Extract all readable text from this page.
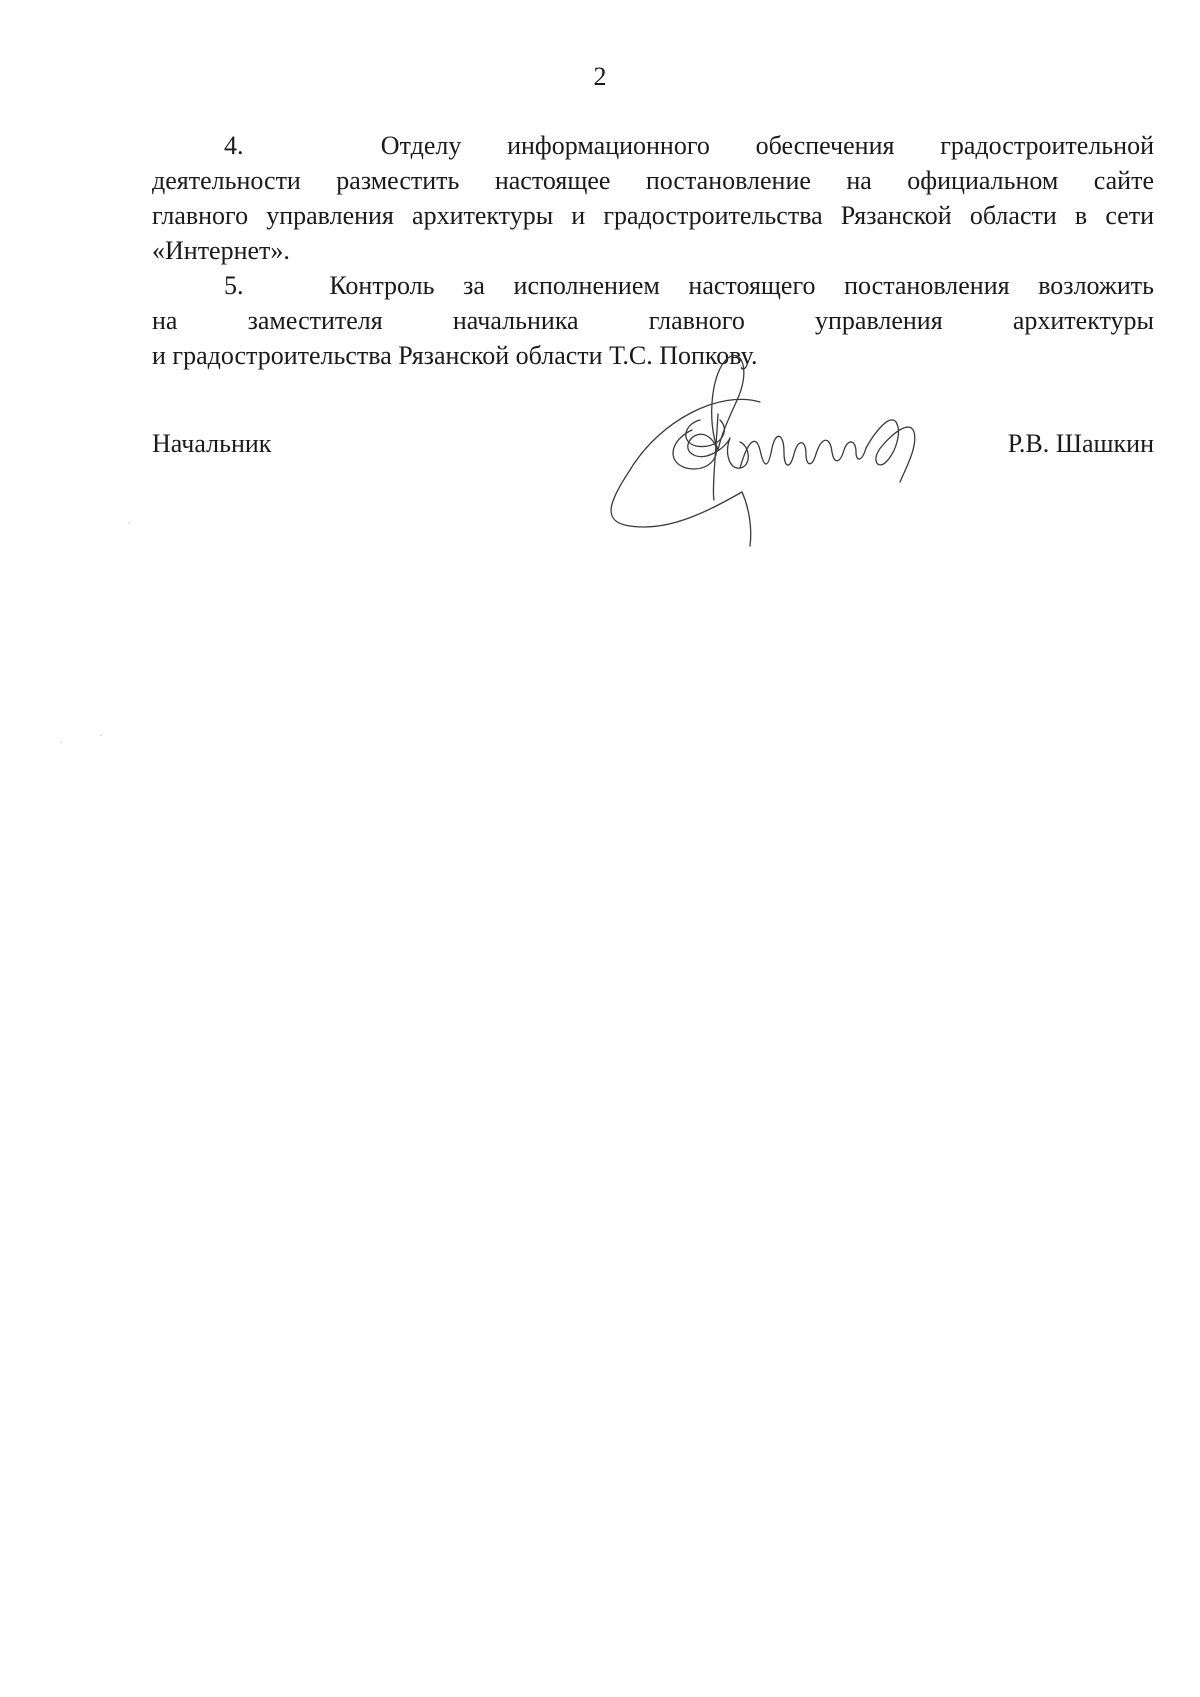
2

4.   Отделу информационного обеспечения градостроительной
деятельности разместить настоящее постановление на официальном сайте
главного управления архитектуры и градостроительства Рязанской области в сети
«Интернет».

5.   Контроль за исполнением настоящего постановления возложить
на заместителя начальника главного управления архитектуры
и градостроительства Рязанской области Т.С. Попкову.

Начальник	Р.В. Шашкин
